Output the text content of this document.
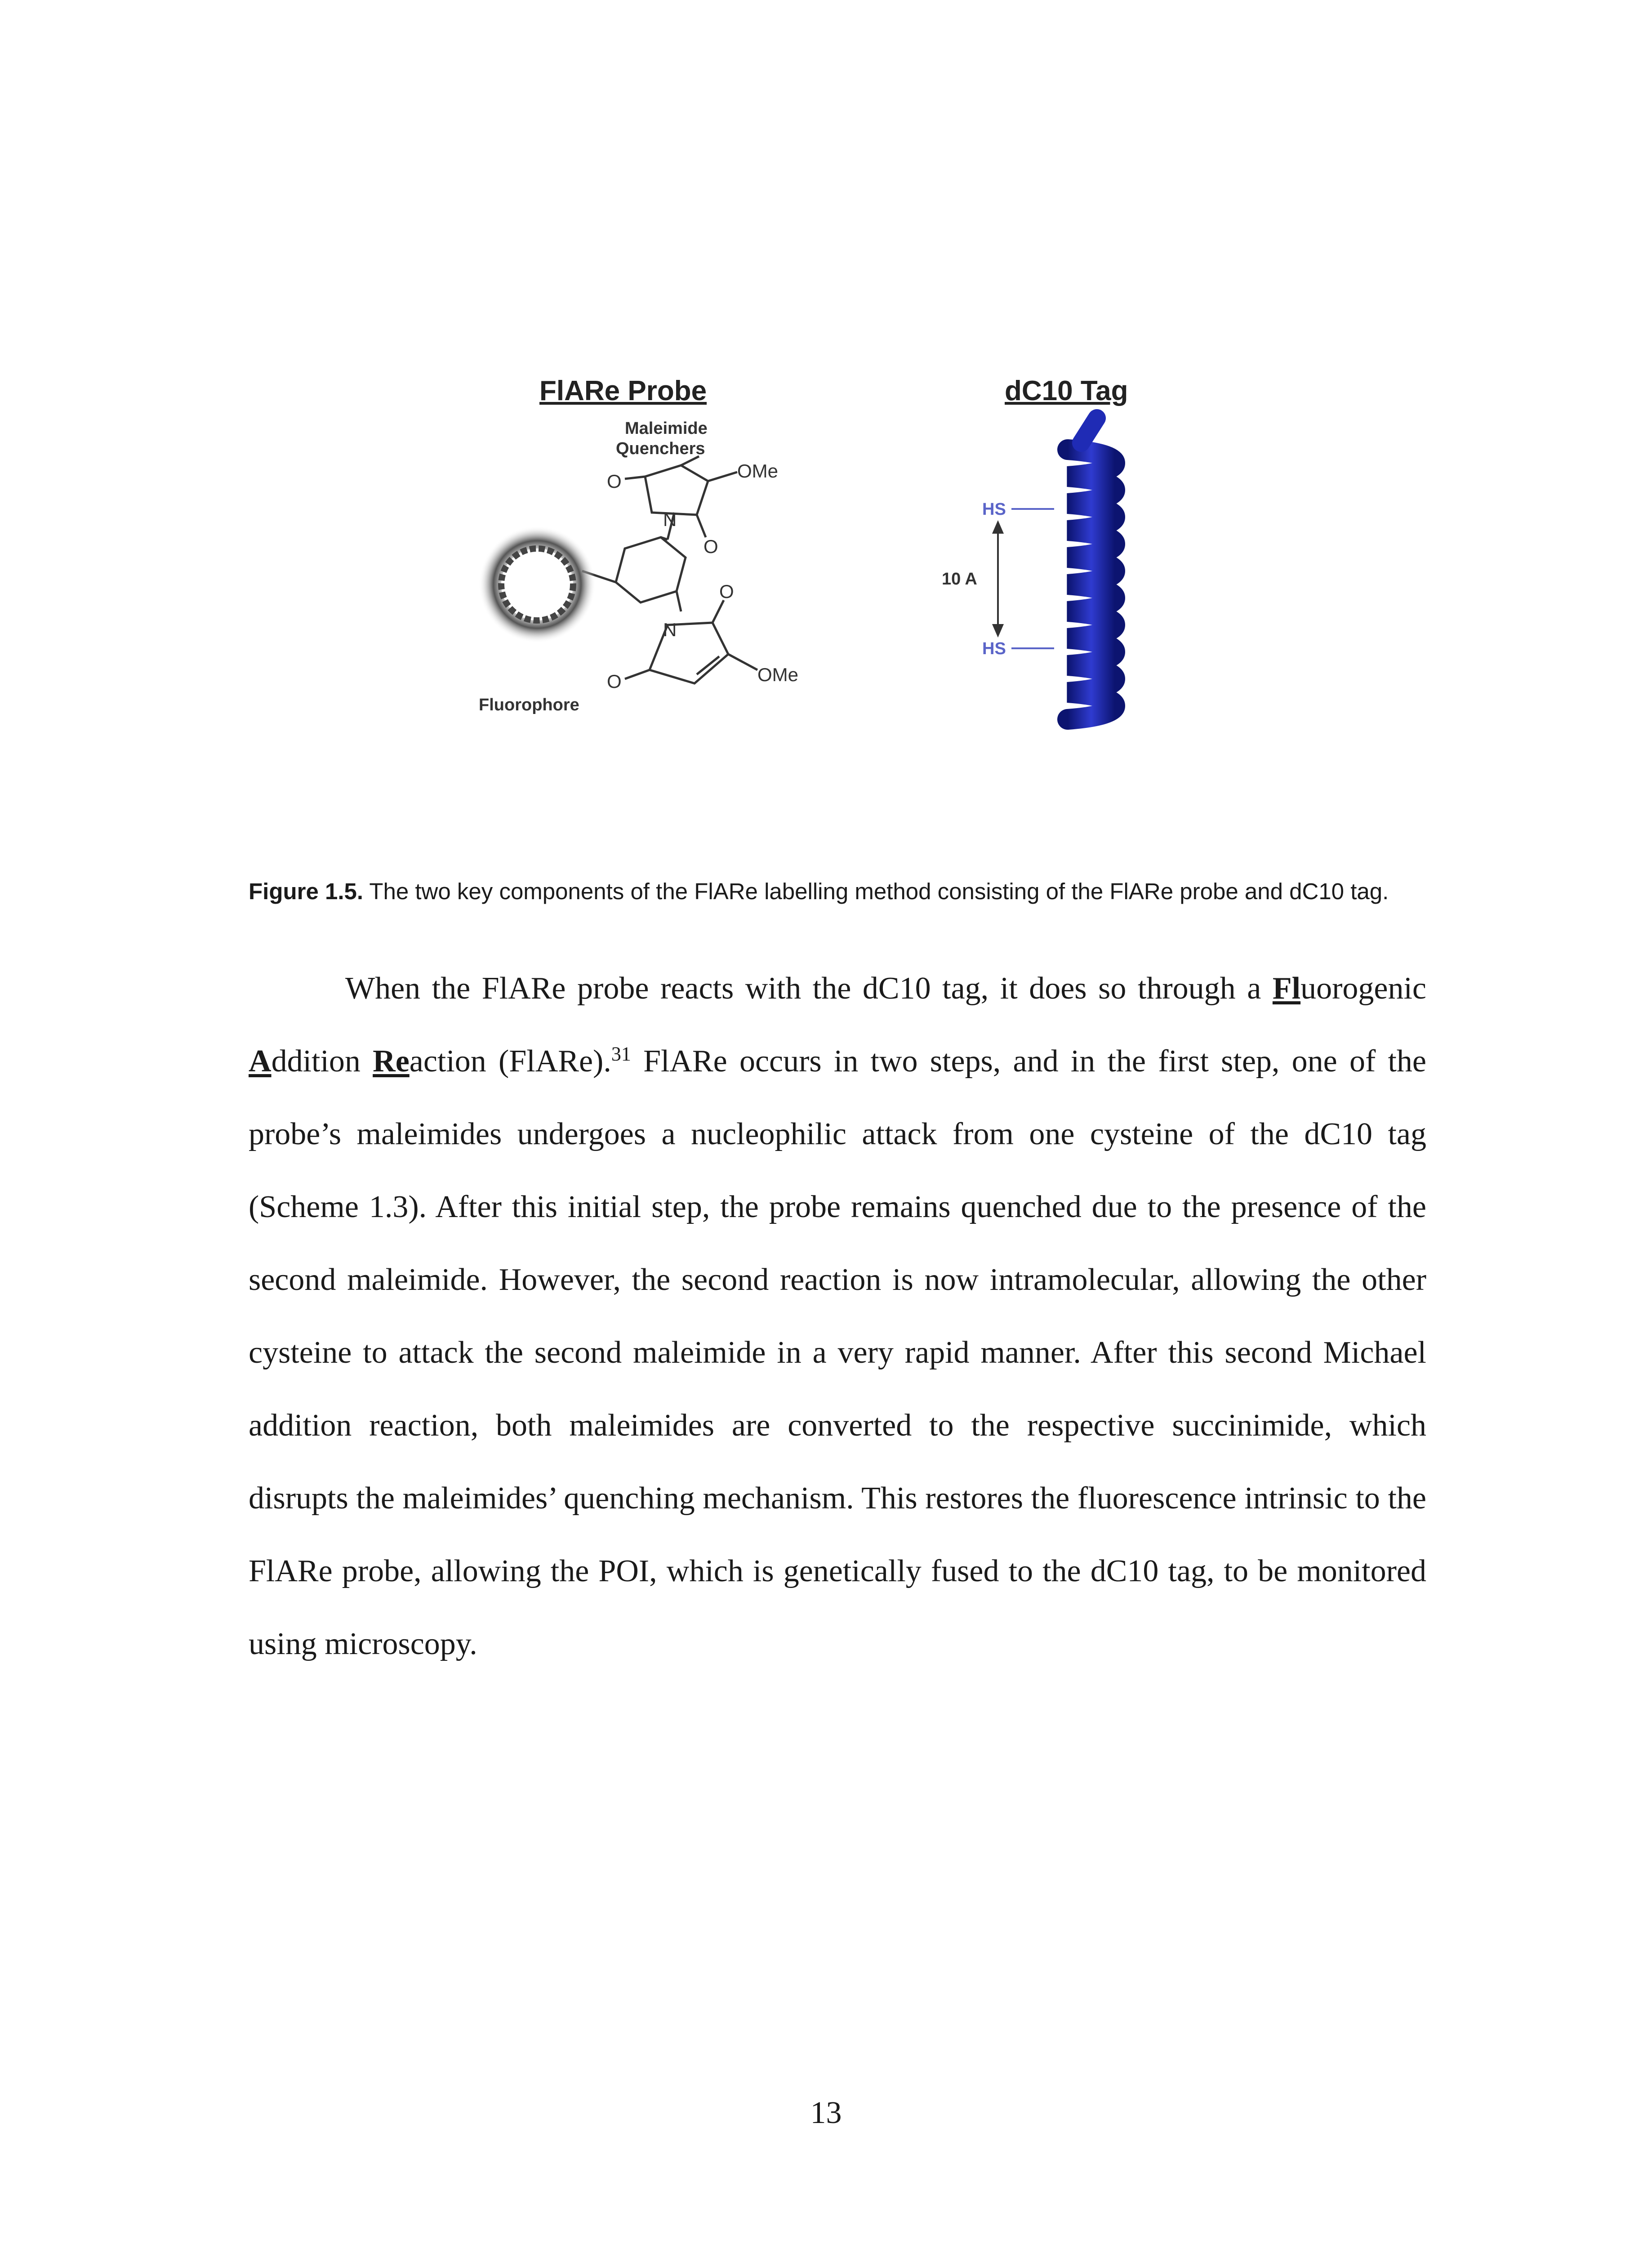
FlARe Probe	dC10 Tag
Maleimide
Quenchers
O	OMe
N
O
N
O
O	OMe
Fluorophore
HS
HS
10 A
Figure 1.5. The two key components of the FlARe labelling method consisting of the FlARe probe and dC10 tag.

When the FlARe probe reacts with the dC10 tag, it does so through a Fluorogenic Addition Reaction (FlARe).$^{31}$ FlARe occurs in two steps, and in the first step, one of the probe’s maleimides undergoes a nucleophilic attack from one cysteine of the dC10 tag (Scheme 1.3). After this initial step, the probe remains quenched due to the presence of the second maleimide. However, the second reaction is now intramolecular, allowing the other cysteine to attack the second maleimide in a very rapid manner. After this second Michael addition reaction, both maleimides are converted to the respective succinimide, which disrupts the maleimides’ quenching mechanism. This restores the fluorescence intrinsic to the FlARe probe, allowing the POI, which is genetically fused to the dC10 tag, to be monitored using microscopy.

13
